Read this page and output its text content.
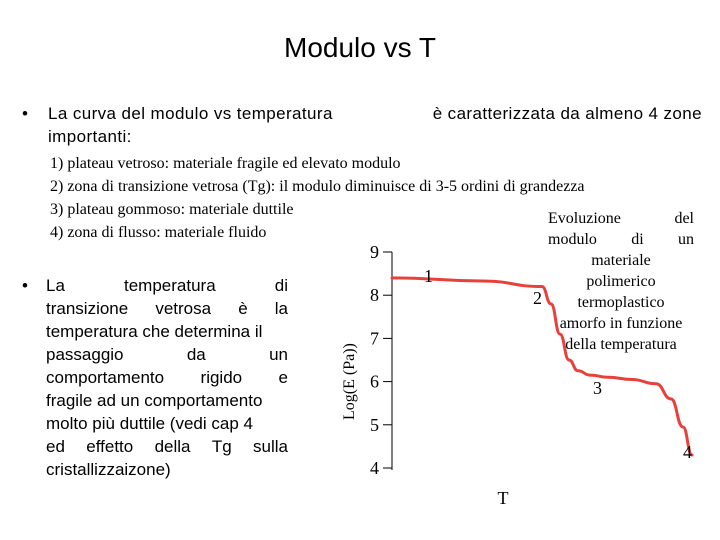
Modulo vs T
• La curva del modulo vs temperatura	è caratterizzata da almeno 4 zone
importanti:
1) plateau vetroso: materiale fragile ed elevato modulo
2) zona di transizione vetrosa (Tg): il modulo diminuisce di 3-5 ordini di grandezza
3) plateau gommoso: materiale duttile
4) zona di flusso: materiale fluido
• La	temperatura	di
transizione vetrosa è la
temperatura che determina il
passaggio	da	un
comportamento rigido e
fragile ad un comportamento
molto più duttile (vedi cap 4
ed effetto della Tg sulla
cristallizzaizone)
Evoluzione	del
modulo di un
materiale
polimerico
termoplastico
amorfo in funzione
della temperatura
9
8
7
6
5
4
Log(E (Pa))
T
1
2
3
4
